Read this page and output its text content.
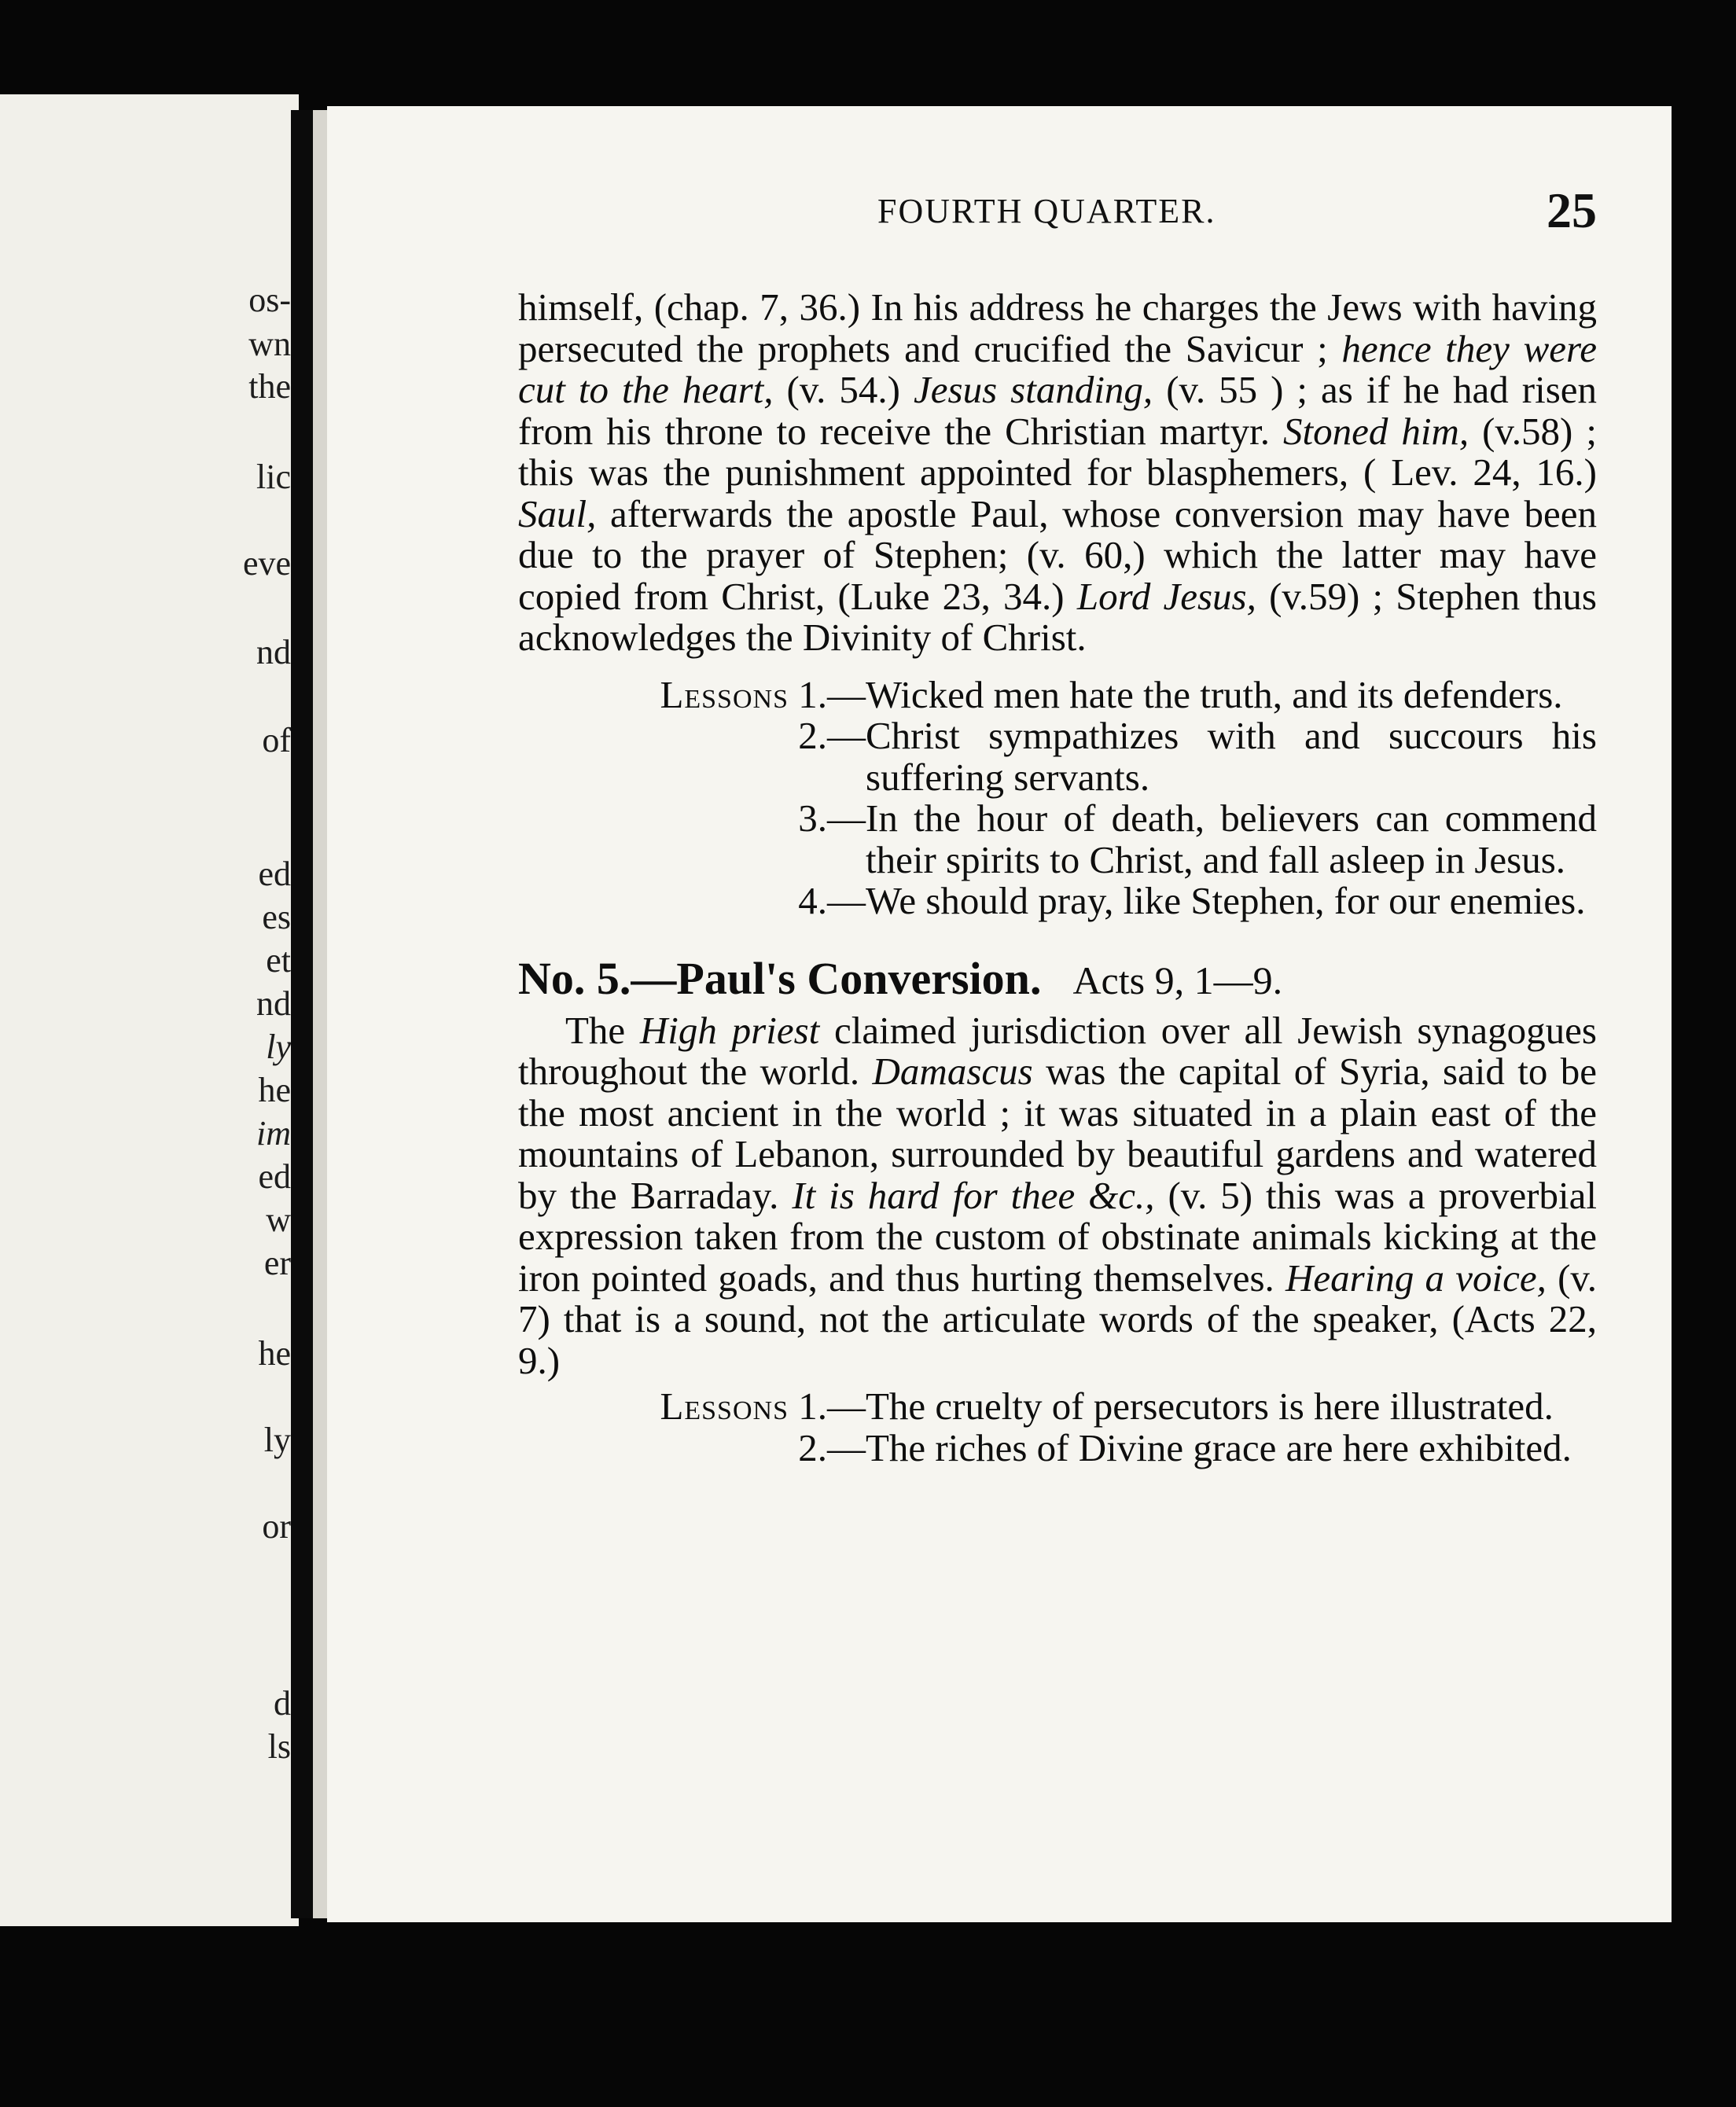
os-

wn

the

lic

eve

nd

of

ed

es

et

nd

ly

he

im

ed

w

er

he

ly

or

d

ls

FOURTH QUARTER.	25

himself, (chap. 7, 36.) In his address he charges the Jews with having persecuted the prophets and crucified the Savicur ; hence they were cut to the heart, (v. 54.) Jesus standing, (v. 55 ) ; as if he had risen from his throne to receive the Christian martyr. Stoned him, (v.58) ; this was the punishment appointed for blasphemers, ( Lev. 24, 16.) Saul, afterwards the apostle Paul, whose conversion may have been due to the prayer of Stephen; (v. 60,) which the latter may have copied from Christ, (Luke 23, 34.) Lord Jesus, (v.59) ; Stephen thus acknowledges the Divinity of Christ.

Lessons 1.— Wicked men hate the truth, and its defenders.

2.— Christ sympathizes with and succours his suffering servants.

3.— In the hour of death, believers can commend their spirits to Christ, and fall asleep in Jesus.

4.— We should pray, like Stephen, for our enemies.

No. 5.—Paul's Conversion. Acts 9, 1—9.

The High priest claimed jurisdiction over all Jewish synagogues throughout the world. Damascus was the capital of Syria, said to be the most ancient in the world ; it was situated in a plain east of the mountains of Lebanon, surrounded by beautiful gardens and watered by the Barraday. It is hard for thee &c., (v. 5) this was a proverbial expression taken from the custom of obstinate animals kicking at the iron pointed goads, and thus hurting themselves. Hearing a voice, (v. 7) that is a sound, not the articulate words of the speaker, (Acts 22, 9.)

Lessons 1.— The cruelty of persecutors is here illustrated.

2.— The riches of Divine grace are here exhibited.
